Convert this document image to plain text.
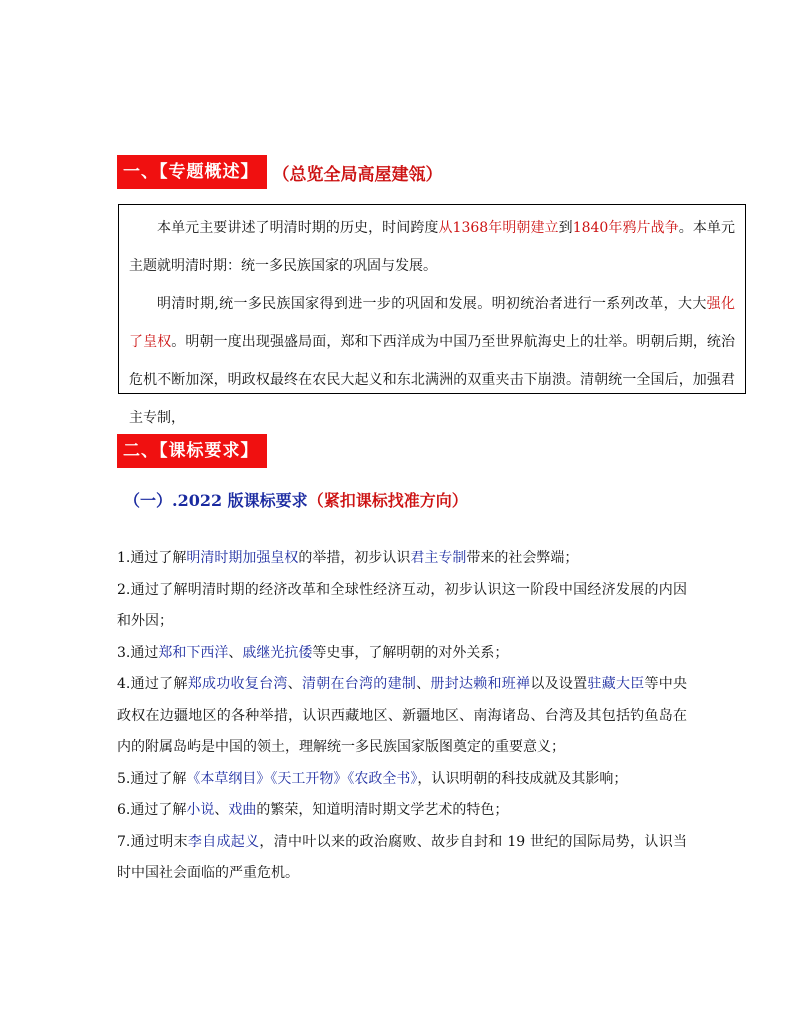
一、【专题概述】 （总览全局高屋建瓴）

本单元主要讲述了明清时期的历史，时间跨度从1368年明朝建立到1840年鸦片战争。本单元主题就明清时期：统一多民族国家的巩固与发展。

明清时期,统一多民族国家得到进一步的巩固和发展。明初统治者进行一系列改革，大大强化了皇权。明朝一度出现强盛局面，郑和下西洋成为中国乃至世界航海史上的壮举。明朝后期，统治危机不断加深，明政权最终在农民大起义和东北满洲的双重夹击下崩溃。清朝统一全国后，加强君主专制，

二、【课标要求】
（一）.2022 版课标要求（紧扣课标找准方向）

1.通过了解明清时期加强皇权的举措，初步认识君主专制带来的社会弊端；

2.通过了解明清时期的经济改革和全球性经济互动，初步认识这一阶段中国经济发展的内因和外因；

3.通过郑和下西洋、戚继光抗倭等史事，了解明朝的对外关系；

4.通过了解郑成功收复台湾、清朝在台湾的建制、册封达赖和班禅以及设置驻藏大臣等中央政权在边疆地区的各种举措，认识西藏地区、新疆地区、南海诸岛、台湾及其包括钓鱼岛在内的附属岛屿是中国的领土，理解统一多民族国家版图奠定的重要意义；

5.通过了解《本草纲目》《天工开物》《农政全书》，认识明朝的科技成就及其影响；

6.通过了解小说、戏曲的繁荣，知道明清时期文学艺术的特色；

7.通过明末李自成起义，清中叶以来的政治腐败、故步自封和 19 世纪的国际局势，认识当时中国社会面临的严重危机。
